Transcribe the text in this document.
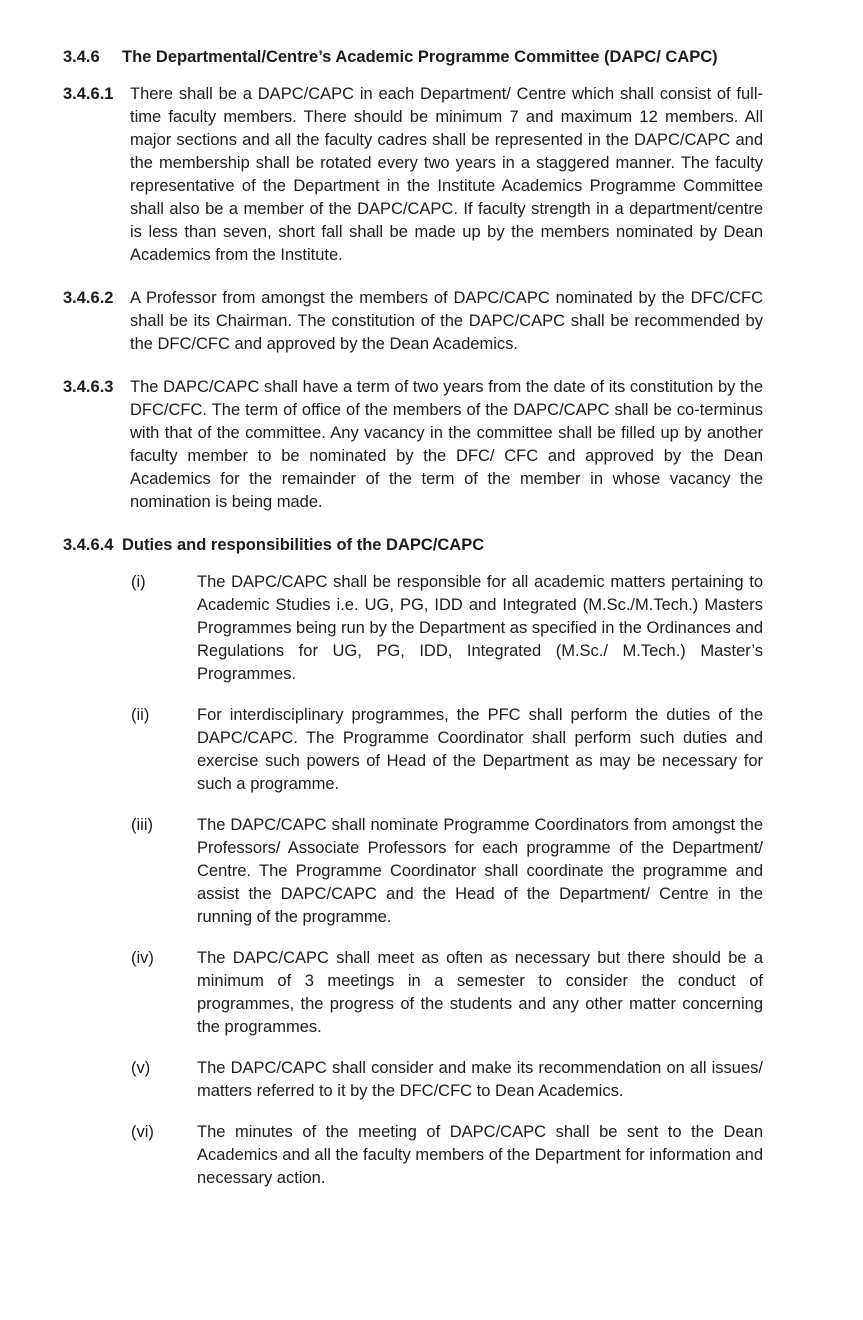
3.4.6	The Departmental/Centre’s Academic Programme Committee (DAPC/ CAPC)
3.4.6.1	There shall be a DAPC/CAPC in each Department/ Centre which shall consist of full-time faculty members. There should be minimum 7 and maximum 12 members. All major sections and all the faculty cadres shall be represented in the DAPC/CAPC and the membership shall be rotated every two years in a staggered manner. The faculty representative of the Department in the Institute Academics Programme Committee shall also be a member of the DAPC/CAPC. If faculty strength in a department/centre is less than seven, short fall shall be made up by the members nominated by Dean Academics from the Institute.
3.4.6.2	A Professor from amongst the members of DAPC/CAPC nominated by the DFC/CFC shall be its Chairman. The constitution of the DAPC/CAPC shall be recommended by the DFC/CFC and approved by the Dean Academics.
3.4.6.3	The DAPC/CAPC shall have a term of two years from the date of its constitution by the DFC/CFC. The term of office of the members of the DAPC/CAPC shall be co-terminus with that of the committee. Any vacancy in the committee shall be filled up by another faculty member to be nominated by the DFC/ CFC and approved by the Dean Academics for the remainder of the term of the member in whose vacancy the nomination is being made.
3.4.6.4 Duties and responsibilities of the DAPC/CAPC
(i)	The DAPC/CAPC shall be responsible for all academic matters pertaining to Academic Studies i.e. UG, PG, IDD and Integrated (M.Sc./M.Tech.) Masters Programmes being run by the Department as specified in the Ordinances and Regulations for UG, PG, IDD, Integrated (M.Sc./ M.Tech.) Master’s Programmes.
(ii)	For interdisciplinary programmes, the PFC shall perform the duties of the DAPC/CAPC. The Programme Coordinator shall perform such duties and exercise such powers of Head of the Department as may be necessary for such a programme.
(iii)	The DAPC/CAPC shall nominate Programme Coordinators from amongst the Professors/ Associate Professors for each programme of the Department/ Centre. The Programme Coordinator shall coordinate the programme and assist the DAPC/CAPC and the Head of the Department/ Centre in the running of the programme.
(iv)	The DAPC/CAPC shall meet as often as necessary but there should be a minimum of 3 meetings in a semester to consider the conduct of programmes, the progress of the students and any other matter concerning the programmes.
(v)	The DAPC/CAPC shall consider and make its recommendation on all issues/ matters referred to it by the DFC/CFC to Dean Academics.
(vi)	The minutes of the meeting of DAPC/CAPC shall be sent to the Dean Academics and all the faculty members of the Department for information and necessary action.
